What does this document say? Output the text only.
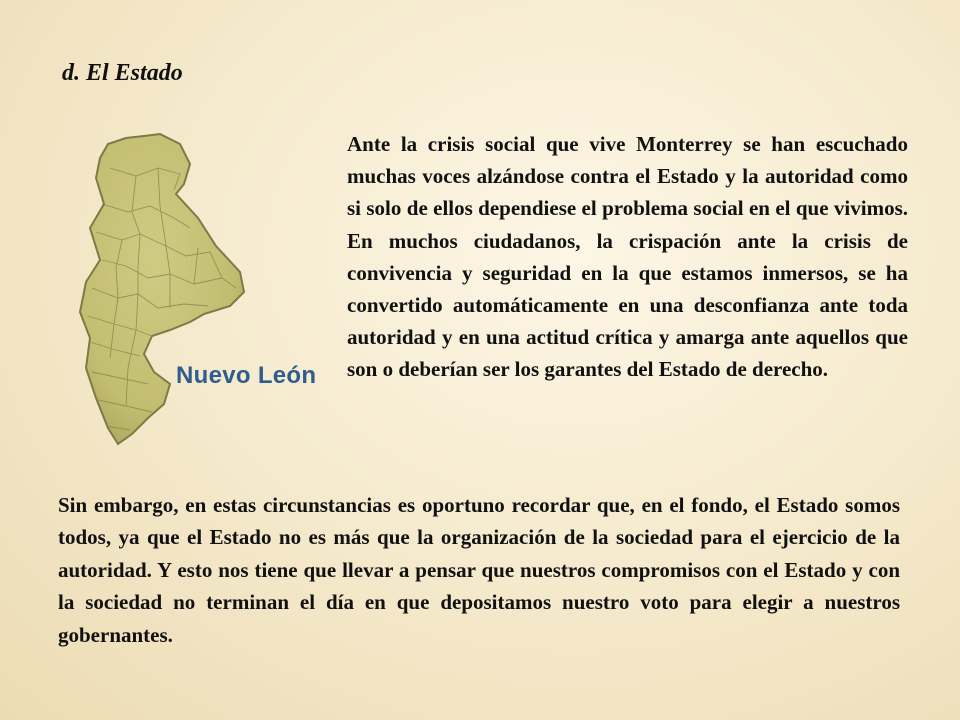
d. El Estado
Nuevo León
Ante la crisis social que vive Monterrey se han escuchado muchas voces alzándose contra el Estado y la autoridad como si solo de ellos dependiese el problema social en el que vivimos. En muchos ciudadanos, la crispación ante la crisis de convivencia y seguridad en la que estamos inmersos, se ha convertido automáticamente en una desconfianza ante toda autoridad y en una actitud crítica y amarga ante aquellos que son o deberían ser los garantes del Estado de derecho.
Sin embargo, en estas circunstancias es oportuno recordar que, en el fondo, el Estado somos todos, ya que el Estado no es más que la organización de la sociedad para el ejercicio de la autoridad. Y esto nos tiene que llevar a pensar que nuestros compromisos con el Estado y con la sociedad no terminan el día en que depositamos nuestro voto para elegir a nuestros gobernantes.
